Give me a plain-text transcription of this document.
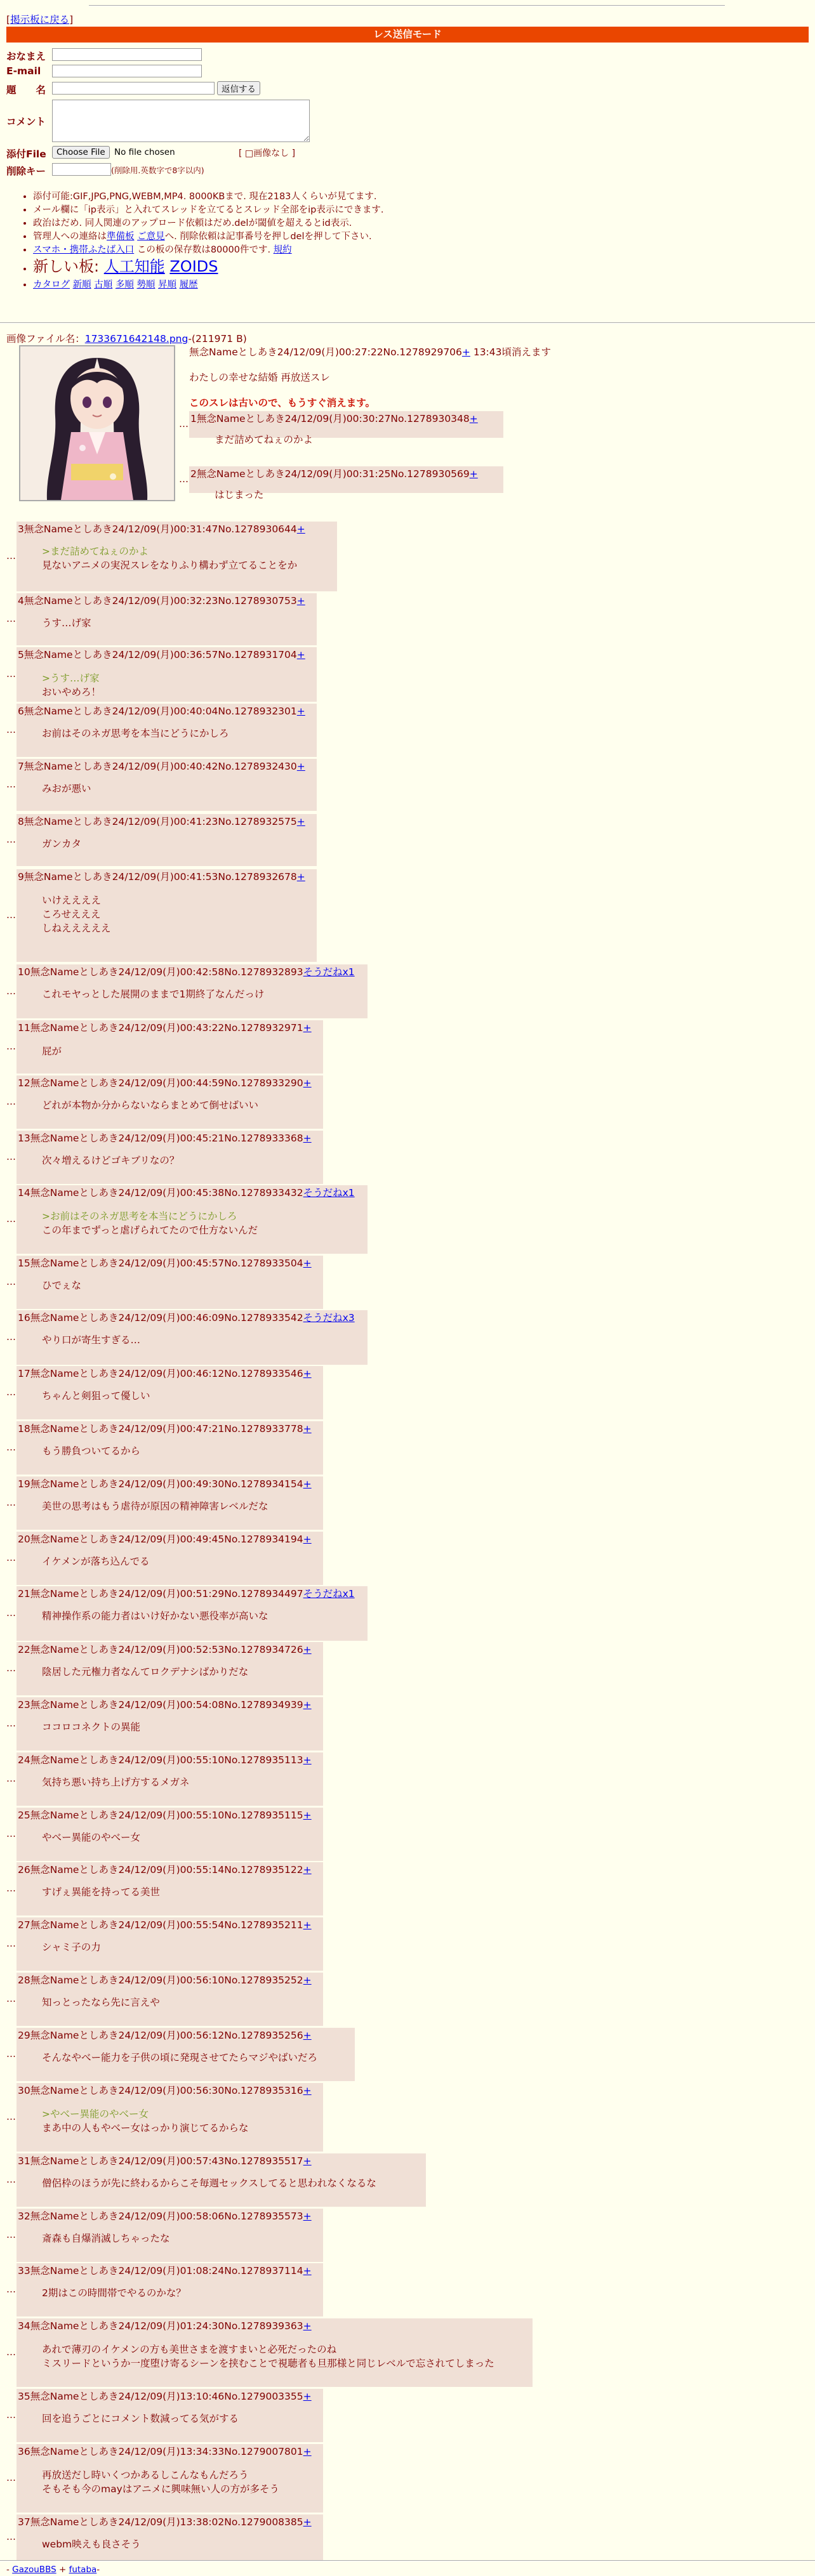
[掲示板に戻る]
レス送信モード
おなまえ
E-mail
題　　名	返信する
コメント
添付File	Choose File	No file chosen	[ □画像なし ]
削除キー	(削除用.英数字で8字以内)
• 添付可能:GIF,JPG,PNG,WEBM,MP4. 8000KBまで. 現在2183人くらいが見てます.
• メール欄に「ip表示」と入れてスレッドを立てるとスレッド全部をip表示にできます.
• 政治はだめ. 同人関連のアップロード依頼はだめ.delが閾値を超えるとid表示.
• 管理人への連絡は準備板 ご意見へ. 削除依頼は記事番号を押しdelを押して下さい.
• スマホ・携帯ふたば入口 この板の保存数は80000件です. 規約
• 新しい板: 人工知能 ZOIDS
• カタログ 新順 古順 多順 勢順 昇順 履歴
画像ファイル名：1733671642148.png-(211971 B)
無念Nameとしあき24/12/09(月)00:27:22No.1278929706+ 13:43頃消えます
わたしの幸せな結婚 再放送スレ
このスレは古いので、もうすぐ消えます。
… 1無念Nameとしあき24/12/09(月)00:30:27No.1278930348+
まだ詰めてねぇのかよ
… 2無念Nameとしあき24/12/09(月)00:31:25No.1278930569+
はじまった
…
3無念Nameとしあき24/12/09(月)00:31:47No.1278930644+
>まだ詰めてねぇのかよ
見ないアニメの実況スレをなりふり構わず立てることをか
…
4無念Nameとしあき24/12/09(月)00:32:23No.1278930753+
うす…げ家
…
5無念Nameとしあき24/12/09(月)00:36:57No.1278931704+
>うす…げ家
おいやめろ！
…
6無念Nameとしあき24/12/09(月)00:40:04No.1278932301+
お前はそのネガ思考を本当にどうにかしろ
…
7無念Nameとしあき24/12/09(月)00:40:42No.1278932430+
みおが悪い
…
8無念Nameとしあき24/12/09(月)00:41:23No.1278932575+
ガンカタ
…
9無念Nameとしあき24/12/09(月)00:41:53No.1278932678+
いけええええ
ころせえええ
しねえええええ
…
10無念Nameとしあき24/12/09(月)00:42:58No.1278932893そうだねx1
これモヤっとした展開のままで1期終了なんだっけ
…
11無念Nameとしあき24/12/09(月)00:43:22No.1278932971+
屁が
…
12無念Nameとしあき24/12/09(月)00:44:59No.1278933290+
どれが本物か分からないならまとめて倒せばいい
…
13無念Nameとしあき24/12/09(月)00:45:21No.1278933368+
次々増えるけどゴキブリなの？
…
14無念Nameとしあき24/12/09(月)00:45:38No.1278933432そうだねx1
>お前はそのネガ思考を本当にどうにかしろ
この年までずっと虐げられてたので仕方ないんだ
…
15無念Nameとしあき24/12/09(月)00:45:57No.1278933504+
ひでぇな
…
16無念Nameとしあき24/12/09(月)00:46:09No.1278933542そうだねx3
やり口が寄生すぎる…
…
17無念Nameとしあき24/12/09(月)00:46:12No.1278933546+
ちゃんと剣狙って優しい
…
18無念Nameとしあき24/12/09(月)00:47:21No.1278933778+
もう勝負ついてるから
…
19無念Nameとしあき24/12/09(月)00:49:30No.1278934154+
美世の思考はもう虐待が原因の精神障害レベルだな
…
20無念Nameとしあき24/12/09(月)00:49:45No.1278934194+
イケメンが落ち込んでる
…
21無念Nameとしあき24/12/09(月)00:51:29No.1278934497そうだねx1
精神操作系の能力者はいけ好かない悪役率が高いな
…
22無念Nameとしあき24/12/09(月)00:52:53No.1278934726+
陰居した元権力者なんてロクデナシばかりだな
…
23無念Nameとしあき24/12/09(月)00:54:08No.1278934939+
ココロコネクトの異能
…
24無念Nameとしあき24/12/09(月)00:55:10No.1278935113+
気持ち悪い持ち上げ方するメガネ
…
25無念Nameとしあき24/12/09(月)00:55:10No.1278935115+
やべー異能のやべー女
…
26無念Nameとしあき24/12/09(月)00:55:14No.1278935122+
すげぇ異能を持ってる美世
…
27無念Nameとしあき24/12/09(月)00:55:54No.1278935211+
シャミ子の力
…
28無念Nameとしあき24/12/09(月)00:56:10No.1278935252+
知っとったなら先に言えや
…
29無念Nameとしあき24/12/09(月)00:56:12No.1278935256+
そんなやべー能力を子供の頃に発現させてたらマジやばいだろ
…
30無念Nameとしあき24/12/09(月)00:56:30No.1278935316+
>やべー異能のやべー女
まあ中の人もやべー女はっかり演じてるからな
…
31無念Nameとしあき24/12/09(月)00:57:43No.1278935517+
僧侶枠のほうが先に終わるからこそ毎週セックスしてると思われなくなるな
…
32無念Nameとしあき24/12/09(月)00:58:06No.1278935573+
斎森も自爆消滅しちゃったな
…
33無念Nameとしあき24/12/09(月)01:08:24No.1278937114+
2期はこの時間帯でやるのかな？
…
34無念Nameとしあき24/12/09(月)01:24:30No.1278939363+
あれで薄刃のイケメンの方も美世さまを渡すまいと必死だったのね
ミスリードというか一度堕け寄るシーンを挟むことで視聴者も旦那様と同じレベルで忘されてしまった
…
35無念Nameとしあき24/12/09(月)13:10:46No.1279003355+
回を追うごとにコメント数減ってる気がする
…
36無念Nameとしあき24/12/09(月)13:34:33No.1279007801+
再放送だし時いくつかあるしこんなもんだろう
そもそも今のmayはアニメに興味無い人の方が多そう
…
37無念Nameとしあき24/12/09(月)13:38:02No.1279008385+
webm映えも良さそう
- GazouBBS + futaba-
